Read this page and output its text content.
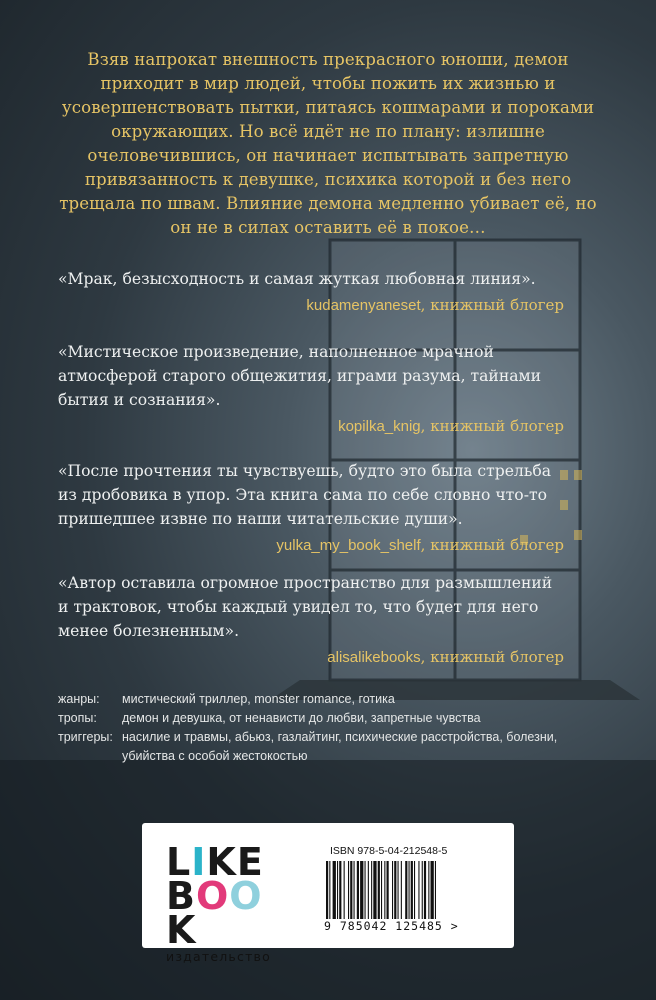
Взяв напрокат внешность прекрасного юноши, демон приходит в мир людей, чтобы пожить их жизнью и усовершенствовать пытки, питаясь кошмарами и пороками окружающих. Но всё идёт не по плану: излишне очеловечившись, он начинает испытывать запретную привязанность к девушке, психика которой и без него трещала по швам. Влияние демона медленно убивает её, но он не в силах оставить её в покое…

«Мрак, безысходность и самая жуткая любовная линия».

kudamenyaneset, книжный блогер

«Мистическое произведение, наполненное мрачной атмосферой старого общежития, играми разума, тайнами бытия и сознания».

kopilka_knig, книжный блогер

«После прочтения ты чувствуешь, будто это была стрельба из дробовика в упор. Эта книга сама по себе словно что-то пришедшее извне по наши читательские души».

yulka_my_book_shelf, книжный блогер

«Автор оставила огромное пространство для размышлений и трактовок, чтобы каждый увидел то, что будет для него менее болезненным».

alisalikebooks, книжный блогер
жанры:	мистический триллер, monster romance, готика
тропы:	демон и девушка, от ненависти до любви, запретные чувства
триггеры: насилие и травмы, абьюз, газлайтинг, психические расстройства, болезни, убийства с особой жестокостью
LIKE
BOOK
издательство
ISBN 978-5-04-212548-5
9 785042 125485 >
